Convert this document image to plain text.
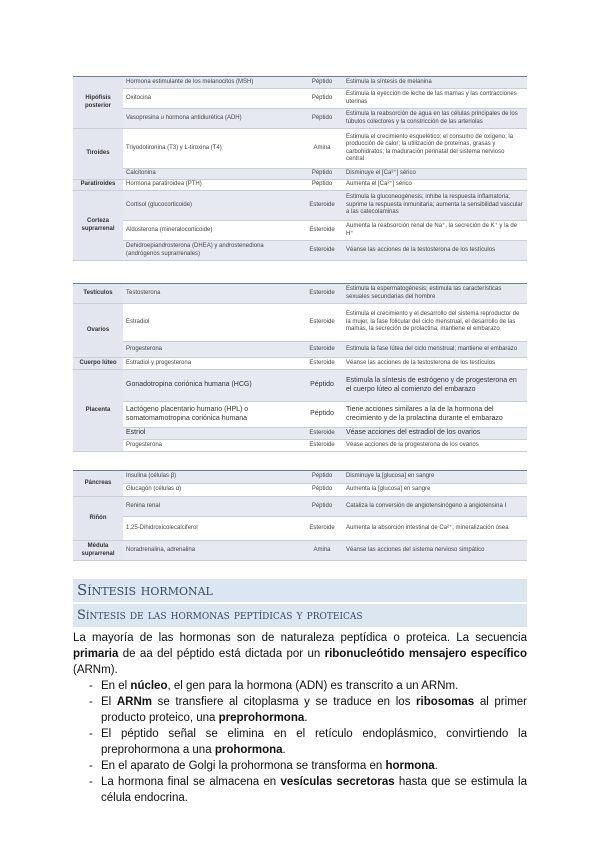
Hipófisis posterior	Hormona estimulante de los melanocitos (MSH)	Péptido	Estimula la síntesis de melanina
	Oxitocina	Péptido	Estimula la eyección de leche de las mamas y las contracciones uterinas
	Vasopresina u hormona antidiurética (ADH)	Péptido	Estimula la reabsorción de agua en las células principales de los túbulos colectores y la constricción de las arteriolas
Tiroides	Triyodotironina (T3) y L-tiroxina (T4)	Amina	Estimula el crecimiento esquelético; el consumo de oxígeno; la producción de calor; la utilización de proteínas, grasas y carbohidratos; la maduración perinatal del sistema nervioso central
	Calcitonina	Péptido	Disminuye el [Ca²⁺] sérico
Paratiroides	Hormona paratiroidea (PTH)	Péptido	Aumenta el [Ca²⁺] sérico
Corteza suprarrenal	Cortisol (glucocorticoide)	Esteroide	Estimula la gluconeogénesis; inhibe la respuesta inflamatoria; suprime la respuesta inmunitaria; aumenta la sensibilidad vascular a las catecolaminas
	Aldosterona (mineralocorticoide)	Esteroide	Aumenta la reabsorción renal de Na⁺, la secreción de K⁺ y la de H⁺
	Dehidroepiandrosterona (DHEA) y androstenediona (andrógenos suprarrenales)	Esteroide	Véanse las acciones de la testosterona de los testículos
Testículos	Testosterona	Esteroide	Estimula la espermatogénesis; estimula las características sexuales secundarias del hombre
Ovarios	Estradiol	Esteroide	Estimula el crecimiento y el desarrollo del sistema reproductor de la mujer, la fase folicular del ciclo menstrual, el desarrollo de las mamas, la secreción de prolactina; mantiene el embarazo
	Progesterona	Esteroide	Estimula la fase lútea del ciclo menstrual; mantiene el embarazo
Cuerpo lúteo	Estradiol y progesterona	Esteroide	Véanse las acciones de la testosterona de los testículos
Placenta	Gonadotropina coriónica humana (HCG)	Péptido	Estimula la síntesis de estrógeno y de progesterona en el cuerpo lúteo al comienzo del embarazo
	Lactógeno placentario humano (HPL) o somatomamotropina coriónica humana	Péptido	Tiene acciones similares a la de la hormona del crecimiento y de la prolactina durante el embarazo
	Estriol	Esteroide	Véase acciones del estradiol de los ovarios
	Progesterona	Esteroide	Véase acciones de la progesterona de los ovarios
Páncreas	Insulina (células β)	Péptido	Disminuye la [glucosa] en sangre
	Glucagón (células α)	Péptido	Aumenta la [glucosa] en sangre
Riñón	Renina renal	Péptido	Cataliza la conversión de angiotensinógeno a angiotensina I
	1,25-Dihidroxicolecalciferol	Esteroide	Aumenta la absorción intestinal de Ca²⁺; mineralización ósea
Médula suprarrenal	Noradrenalina, adrenalina	Amina	Véanse las acciones del sistema nervioso simpático
Síntesis hormonal
Síntesis de las hormonas peptídicas y proteicas

La mayoría de las hormonas son de naturaleza peptídica o proteica. La secuencia primaria de aa del péptido está dictada por un ribonucleótido mensajero específico (ARNm).

- En el núcleo, el gen para la hormona (ADN) es transcrito a un ARNm.
- El ARNm se transfiere al citoplasma y se traduce en los ribosomas al primer producto proteico, una preprohormona.
- El péptido señal se elimina en el retículo endoplásmico, convirtiendo la preprohormona a una prohormona.
- En el aparato de Golgi la prohormona se transforma en hormona.
- La hormona final se almacena en vesículas secretoras hasta que se estimula la célula endocrina.
